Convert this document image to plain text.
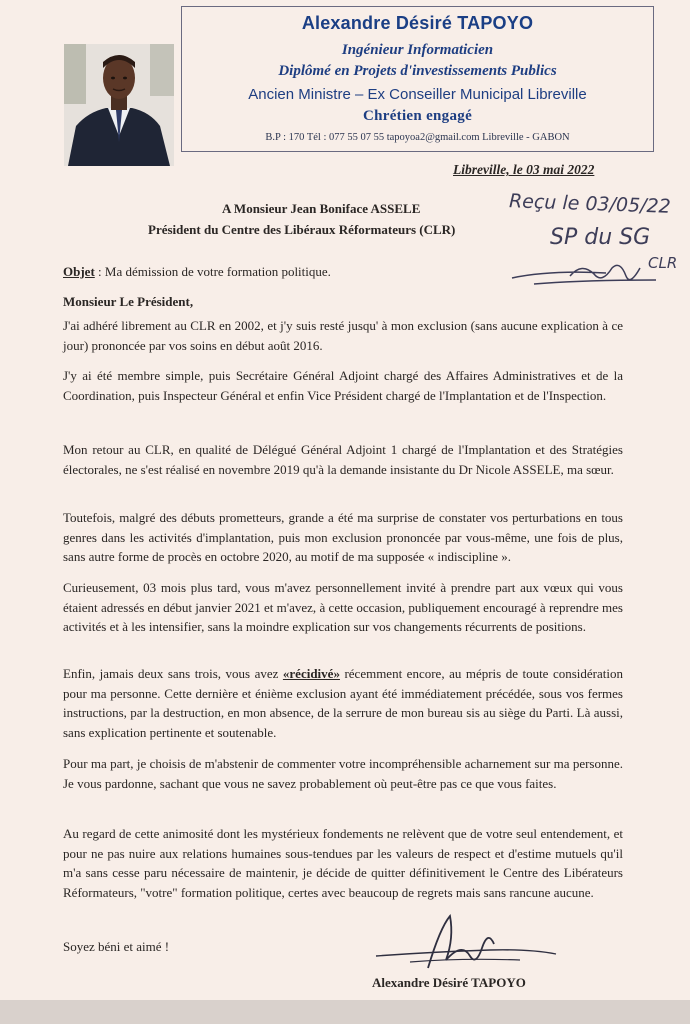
Alexandre Désiré TAPOYO
Ingénieur Informaticien
Diplômé en Projets d'investissements Publics
Ancien Ministre – Ex Conseiller Municipal Libreville
Chrétien engagé
B.P : 170 Tél : 077 55 07 55 tapoyoa2@gmail.com Libreville - GABON
Libreville, le 03 mai 2022
A Monsieur Jean Boniface ASSELE
Président du Centre des Libéraux Réformateurs (CLR)
Reçu le 03/05/22
SP du SG
CLR
Objet : Ma démission de votre formation politique.
Monsieur Le Président,
J'ai adhéré librement au CLR en 2002, et j'y suis resté jusqu' à mon exclusion (sans aucune explication à ce jour) prononcée par vos soins en début août 2016.
J'y ai été membre simple, puis Secrétaire Général Adjoint chargé des Affaires Administratives et de la Coordination, puis Inspecteur Général et enfin Vice Président chargé de l'Implantation et de l'Inspection.
Mon retour au CLR, en qualité de Délégué Général Adjoint 1 chargé de l'Implantation et des Stratégies électorales, ne s'est réalisé en novembre 2019 qu'à la demande insistante du Dr Nicole ASSELE, ma sœur.
Toutefois, malgré des débuts prometteurs, grande a été ma surprise de constater vos perturbations en tous genres dans les activités d'implantation, puis mon exclusion prononcée par vous-même, une fois de plus, sans autre forme de procès en octobre 2020, au motif de ma supposée « indiscipline ».
Curieusement, 03 mois plus tard, vous m'avez personnellement invité à prendre part aux vœux qui vous étaient adressés en début janvier 2021 et m'avez, à cette occasion, publiquement encouragé à reprendre mes activités et à les intensifier, sans la moindre explication sur vos changements récurrents de positions.
Enfin, jamais deux sans trois, vous avez «récidivé» récemment encore, au mépris de toute considération pour ma personne. Cette dernière et énième exclusion ayant été immédiatement précédée, sous vos fermes instructions, par la destruction, en mon absence, de la serrure de mon bureau sis au siège du Parti. Là aussi, sans explication pertinente et soutenable.
Pour ma part, je choisis de m'abstenir de commenter votre incompréhensible acharnement sur ma personne. Je vous pardonne, sachant que vous ne savez probablement où peut-être pas ce que vous faites.
Au regard de cette animosité dont les mystérieux fondements ne relèvent que de votre seul entendement, et pour ne pas nuire aux relations humaines sous-tendues par les valeurs de respect et d'estime mutuels qu'il m'a sans cesse paru nécessaire de maintenir, je décide de quitter définitivement le Centre des Libérateurs Réformateurs, "votre" formation politique, certes avec beaucoup de regrets mais sans rancune aucune.
Soyez béni et aimé !
Alexandre Désiré TAPOYO
